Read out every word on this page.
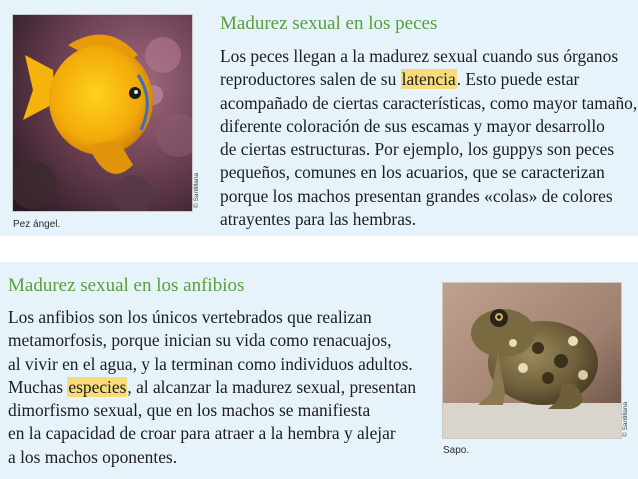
© Santillana
Pez ángel.
Madurez sexual en los peces
Los peces llegan a la madurez sexual cuando sus órganos
reproductores salen de su latencia. Esto puede estar
acompañado de ciertas características, como mayor tamaño,
diferente coloración de sus escamas y mayor desarrollo
de ciertas estructuras. Por ejemplo, los guppys son peces
pequeños, comunes en los acuarios, que se caracterizan
porque los machos presentan grandes «colas» de colores
atrayentes para las hembras.
Madurez sexual en los anfibios
Los anfibios son los únicos vertebrados que realizan
metamorfosis, porque inician su vida como renacuajos,
al vivir en el agua, y la terminan como individuos adultos.
Muchas especies, al alcanzar la madurez sexual, presentan
dimorfismo sexual, que en los machos se manifiesta
en la capacidad de croar para atraer a la hembra y alejar
a los machos oponentes.
© Santillana
Sapo.
